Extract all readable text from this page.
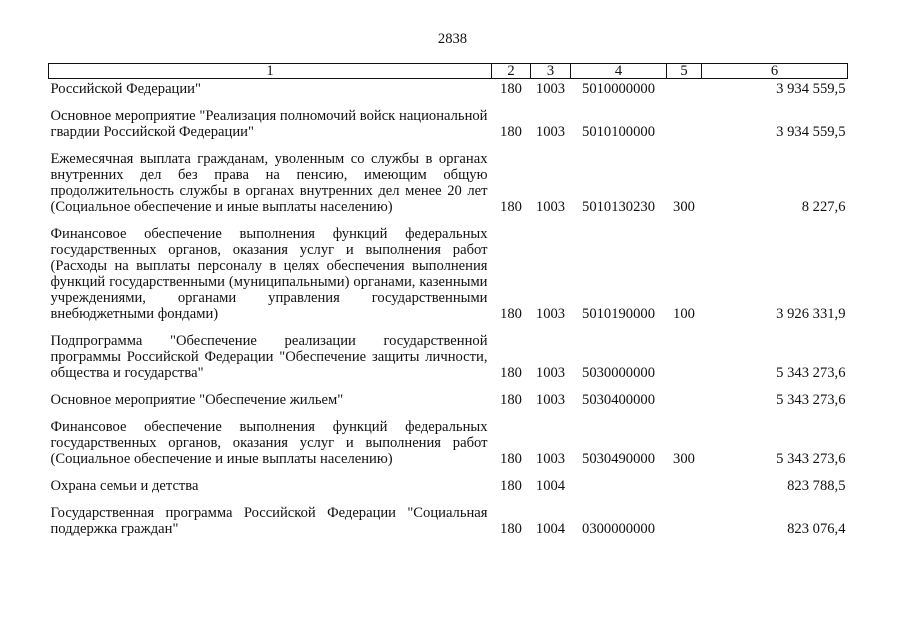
2838
1	2	3	4	5	6
Российской Федерации"	180	1003	5010000000		3 934 559,5
Основное мероприятие "Реализация полномочий войск национальной гвардии Российской Федерации"	180	1003	5010100000		3 934 559,5
Ежемесячная выплата гражданам, уволенным со службы в органах внутренних дел без права на пенсию, имеющим общую продолжительность службы в органах внутренних дел менее 20 лет (Социальное обеспечение и иные выплаты населению)	180	1003	5010130230	300	8 227,6
Финансовое обеспечение выполнения функций федеральных государственных органов, оказания услуг и выполнения работ (Расходы на выплаты персоналу в целях обеспечения выполнения функций государственными (муниципальными) органами, казенными учреждениями, органами управления государственными внебюджетными фондами)	180	1003	5010190000	100	3 926 331,9
Подпрограмма "Обеспечение реализации государственной программы Российской Федерации "Обеспечение защиты личности, общества и государства"	180	1003	5030000000		5 343 273,6
Основное мероприятие "Обеспечение жильем"	180	1003	5030400000		5 343 273,6
Финансовое обеспечение выполнения функций федеральных государственных органов, оказания услуг и выполнения работ (Социальное обеспечение и иные выплаты населению)	180	1003	5030490000	300	5 343 273,6
Охрана семьи и детства	180	1004			823 788,5
Государственная программа Российской Федерации "Социальная поддержка граждан"	180	1004	0300000000		823 076,4
